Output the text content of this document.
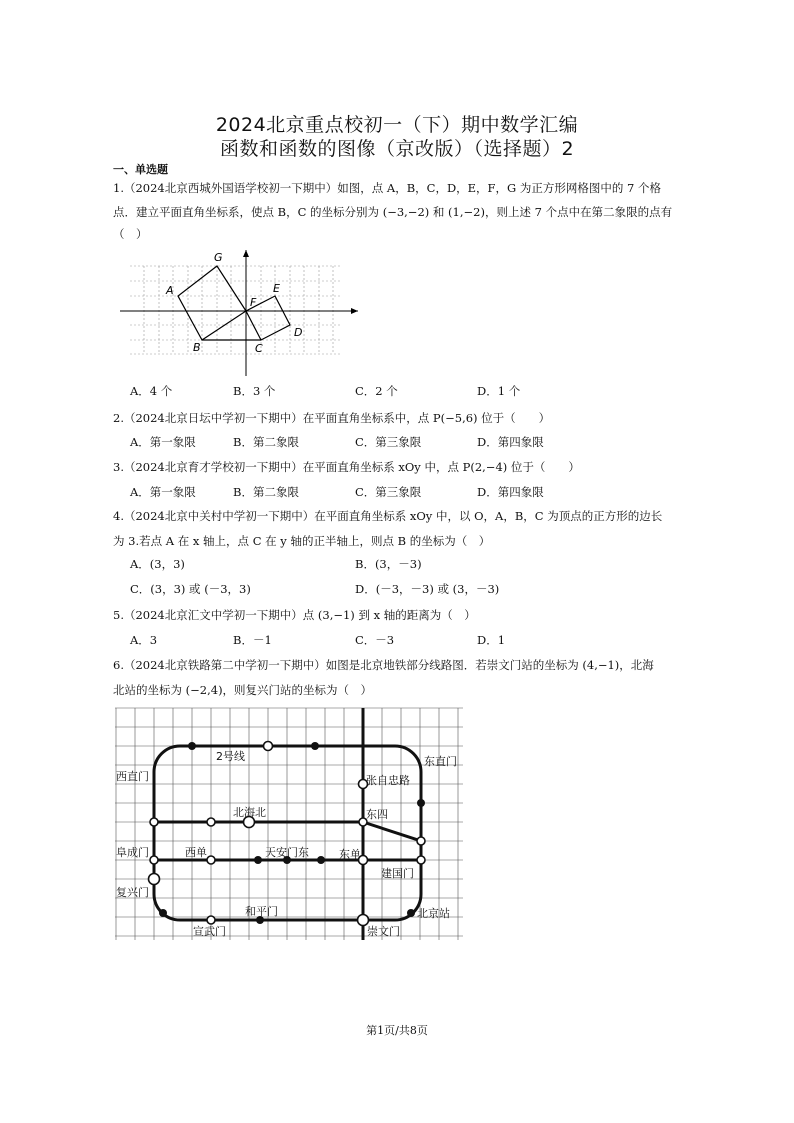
2024北京重点校初一（下）期中数学汇编
函数和函数的图像（京改版）（选择题）2
一、单选题
1.（2024北京西城外国语学校初一下期中）如图，点 A，B，C，D，E，F，G 为正方形网格图中的 7 个格
点．建立平面直角坐标系，使点 B，C 的坐标分别为 (−3,−2) 和 (1,−2)，则上述 7 个点中在第二象限的点有
（　）
G
A
F
E
D
B	C
A．4 个	B．3 个	C．2 个	D．1 个
2.（2024北京日坛中学初一下期中）在平面直角坐标系中，点 P(−5,6) 位于（　　）
A．第一象限	B．第二象限	C．第三象限	D．第四象限
3.（2024北京育才学校初一下期中）在平面直角坐标系 xOy 中，点 P(2,−4) 位于（　　）
A．第一象限	B．第二象限	C．第三象限	D．第四象限
4.（2024北京中关村中学初一下期中）在平面直角坐标系 xOy 中，以 O，A，B，C 为顶点的正方形的边长
为 3.若点 A 在 x 轴上，点 C 在 y 轴的正半轴上，则点 B 的坐标为（　）
A．(3，3)	B．(3，－3)
C．(3，3) 或 (－3，3)	D．(－3，－3) 或 (3，－3)
5.（2024北京汇文中学初一下期中）点 (3,−1) 到 x 轴的距离为（　）
A．3	B．－1	C．－3	D．1
6.（2024北京铁路第二中学初一下期中）如图是北京地铁部分线路图．若崇文门站的坐标为 (4,−1)，北海
北站的坐标为 (−2,4)，则复兴门站的坐标为（　）
2号线	东直门
西直门	张自忠路
北海北	东四
阜成门	西单	天安门东	东单
建国门
复兴门
和平门	北京站
宣武门	崇文门
第1页/共8页
